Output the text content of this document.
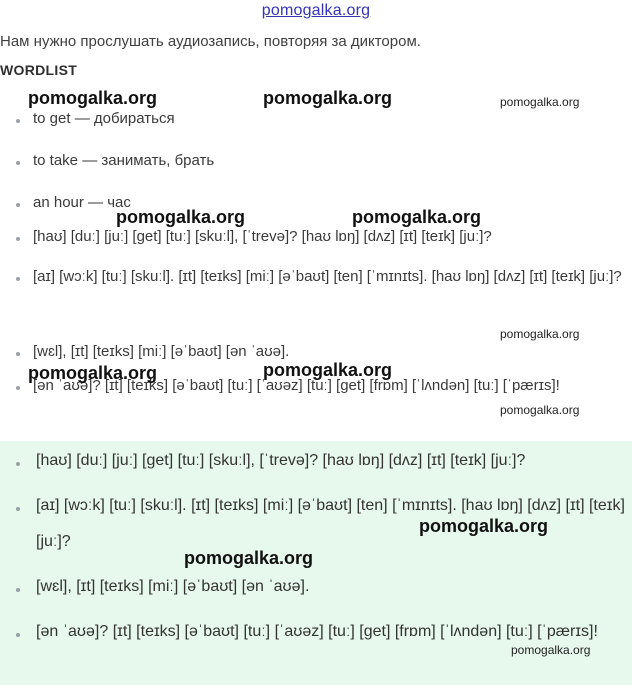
pomogalka.org
Нам нужно прослушать аудиозапись, повторяя за диктором.
WORDLIST
to get — добираться
to take — занимать, брать
an hour — час
[haʊ] [duː] [juː] [get] [tuː] [skuːl], [ˈtrevə]? [haʊ lɒŋ] [dʌz] [ɪt] [teɪk] [juː]?
[aɪ] [wɔːk] [tuː] [skuːl]. [ɪt] [teɪks] [miː] [əˈbaʊt] [ten] [ˈmɪnɪts]. [haʊ lɒŋ] [dʌz] [ɪt] [teɪk] [juː]?
[wɛl], [ɪt] [teɪks] [miː] [əˈbaʊt] [ən ˈaʊə].
[ən ˈaʊə]? [ɪt] [teɪks] [əˈbaʊt] [tuː] [ˈaʊəz] [tuː] [get] [frɒm] [ˈlʌndən] [tuː] [ˈpærɪs]!
[haʊ] [duː] [juː] [get] [tuː] [skuːl], [ˈtrevə]? [haʊ lɒŋ] [dʌz] [ɪt] [teɪk] [juː]?
[aɪ] [wɔːk] [tuː] [skuːl]. [ɪt] [teɪks] [miː] [əˈbaʊt] [ten] [ˈmɪnɪts]. [haʊ lɒŋ] [dʌz] [ɪt] [teɪk] [juː]?
[wɛl], [ɪt] [teɪks] [miː] [əˈbaʊt] [ən ˈaʊə].
[ən ˈaʊə]? [ɪt] [teɪks] [əˈbaʊt] [tuː] [ˈaʊəz] [tuː] [get] [frɒm] [ˈlʌndən] [tuː] [ˈpærɪs]!
pomogalka.org	pomogalka.org	pomogalka.org
pomogalka.org	pomogalka.org
pomogalka.org
pomogalka.org	pomogalka.org
pomogalka.org
pomogalka.org
pomogalka.org
pomogalka.org
